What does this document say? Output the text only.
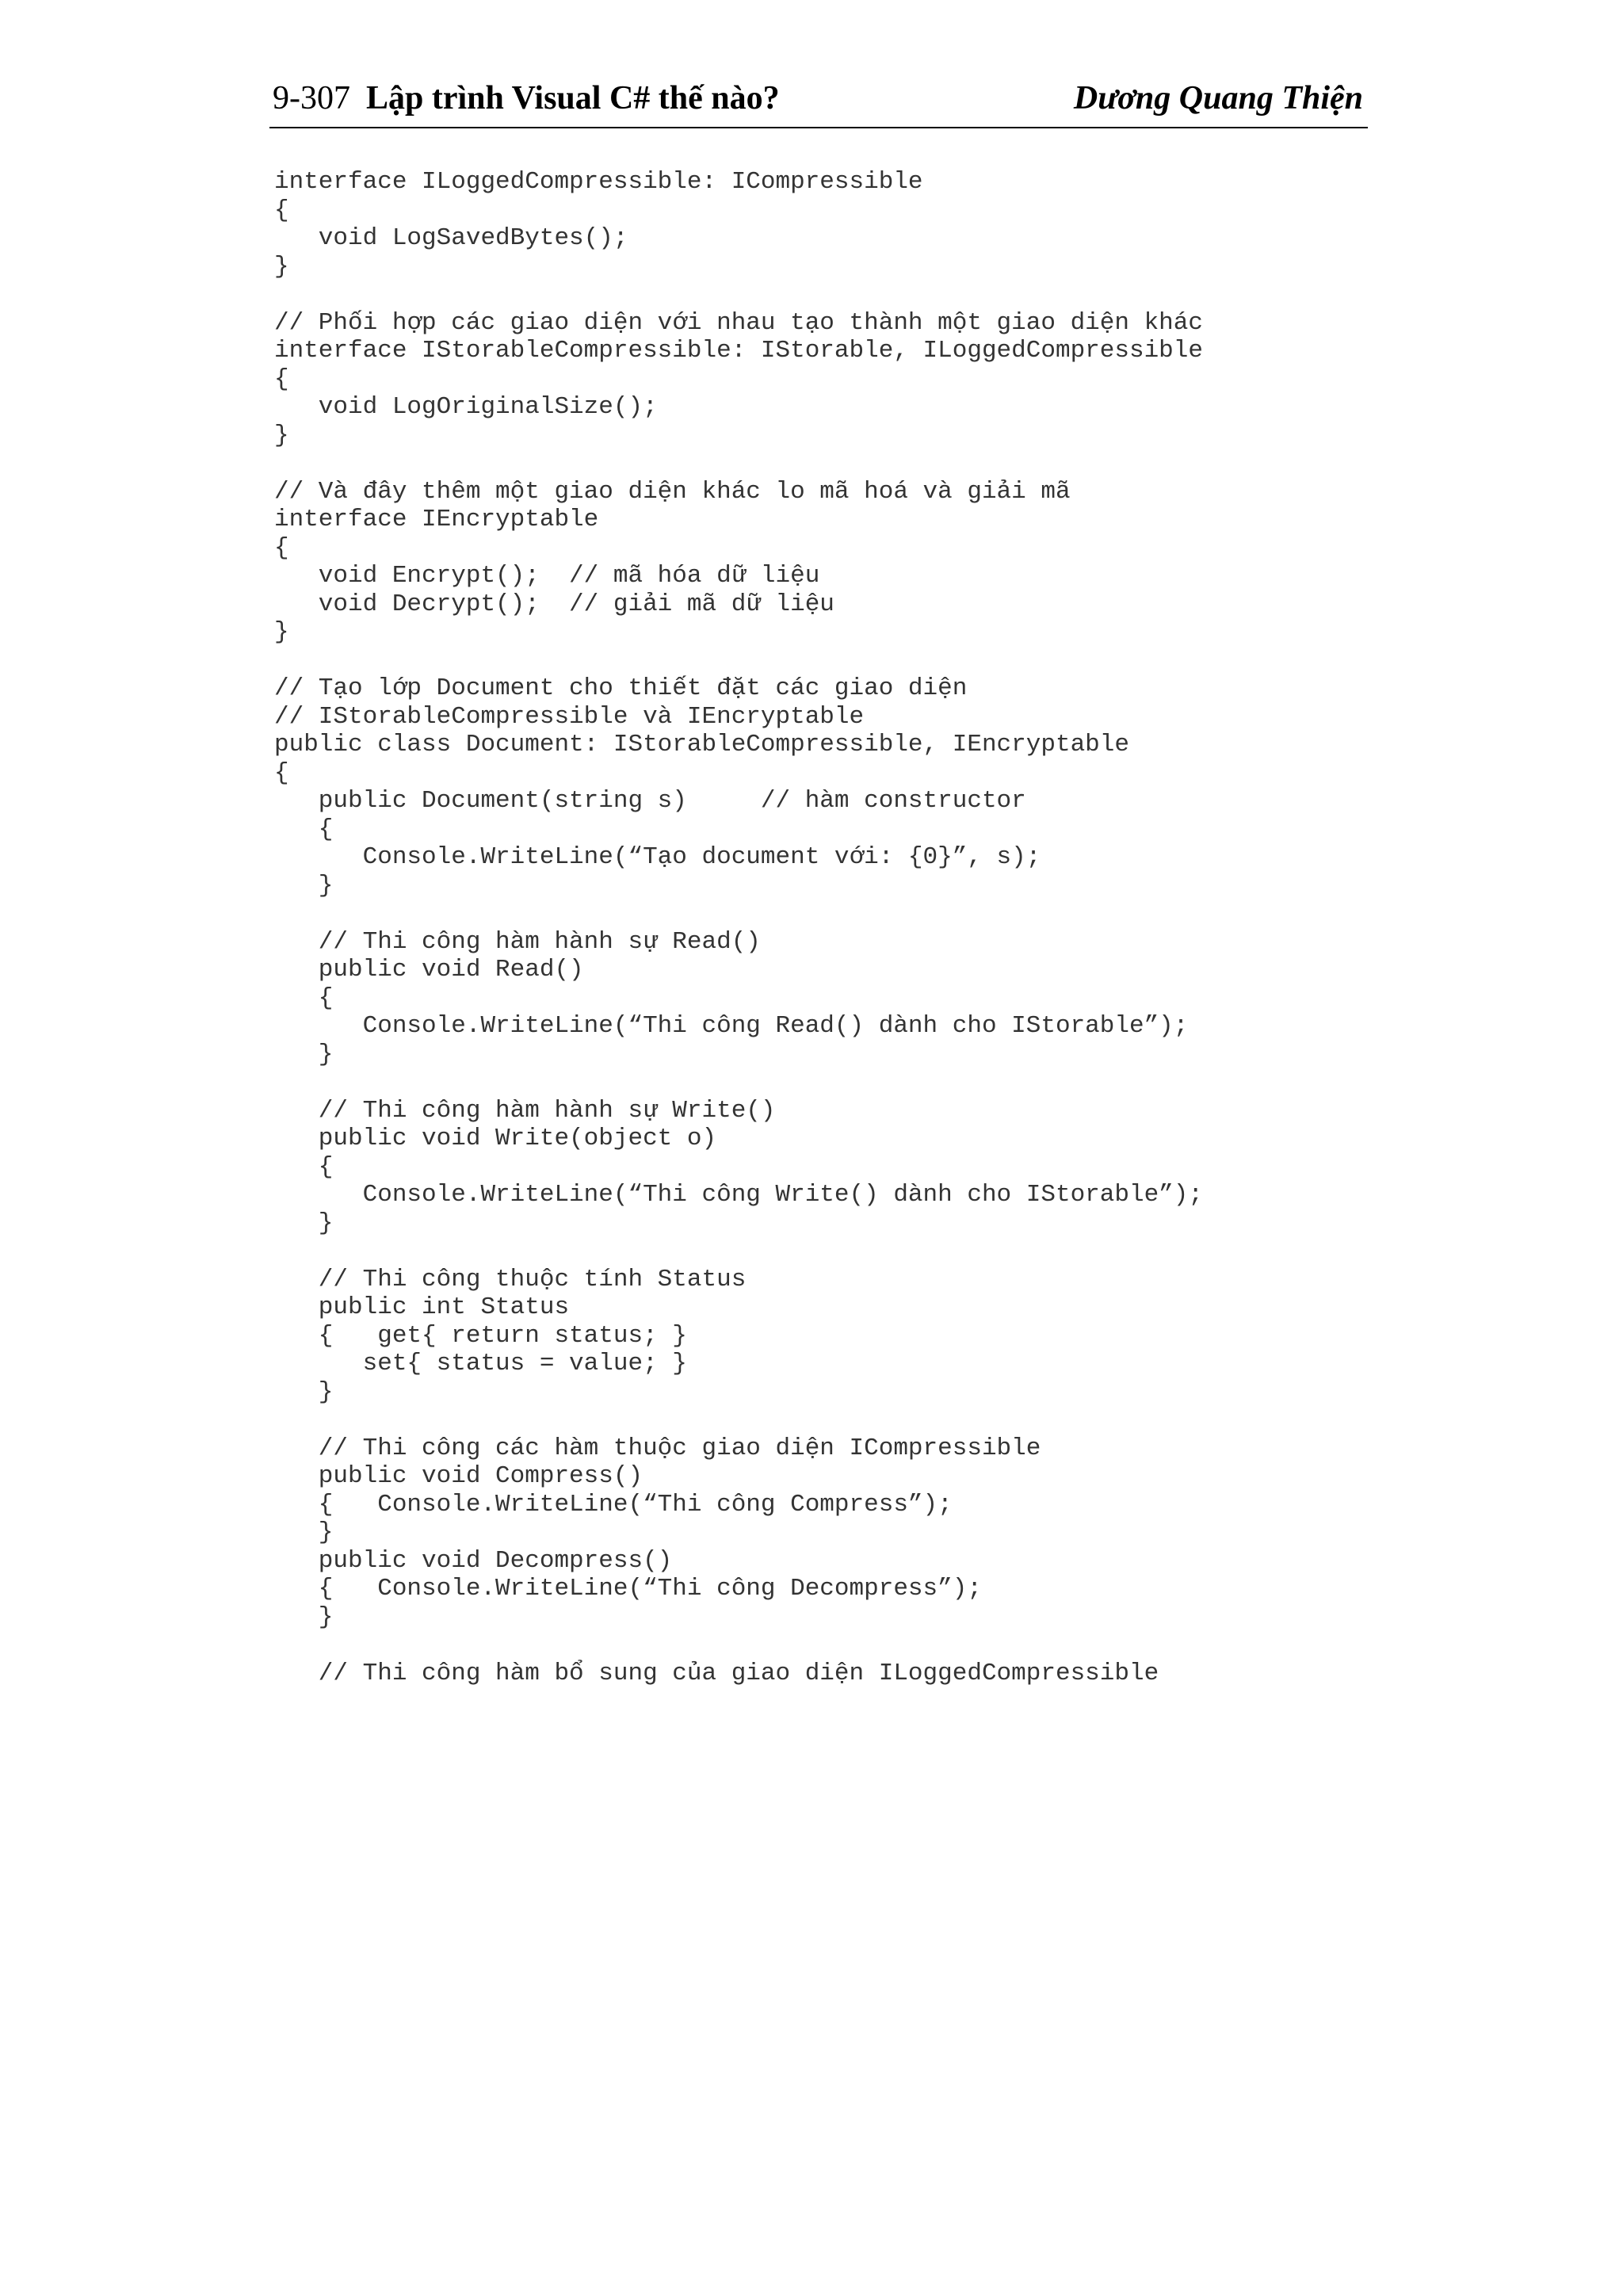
9-307 Lập trình Visual C# thế nào?	Dương Quang Thiện
interface ILoggedCompressible: ICompressible
{
void LogSavedBytes();
}
// Phối hợp các giao diện với nhau tạo thành một giao diện khác
interface IStorableCompressible: IStorable, ILoggedCompressible
{
void LogOriginalSize();
}
// Và đây thêm một giao diện khác lo mã hoá và giải mã
interface IEncryptable
{
void Encrypt();  // mã hóa dữ liệu
void Decrypt();  // giải mã dữ liệu
}
// Tạo lớp Document cho thiết đặt các giao diện
// IStorableCompressible và IEncryptable
public class Document: IStorableCompressible, IEncryptable
{
public Document(string s)     // hàm constructor
{
Console.WriteLine(“Tạo document với: {0}”, s);
}
// Thi công hàm hành sự Read()
public void Read()
{
Console.WriteLine(“Thi công Read() dành cho IStorable”);
}
// Thi công hàm hành sự Write()
public void Write(object o)
{
Console.WriteLine(“Thi công Write() dành cho IStorable”);
}
// Thi công thuộc tính Status
public int Status
{   get{ return status; }
set{ status = value; }
}
// Thi công các hàm thuộc giao diện ICompressible
public void Compress()
{   Console.WriteLine(“Thi công Compress”);
}
public void Decompress()
{   Console.WriteLine(“Thi công Decompress”);
}
// Thi công hàm bổ sung của giao diện ILoggedCompressible
